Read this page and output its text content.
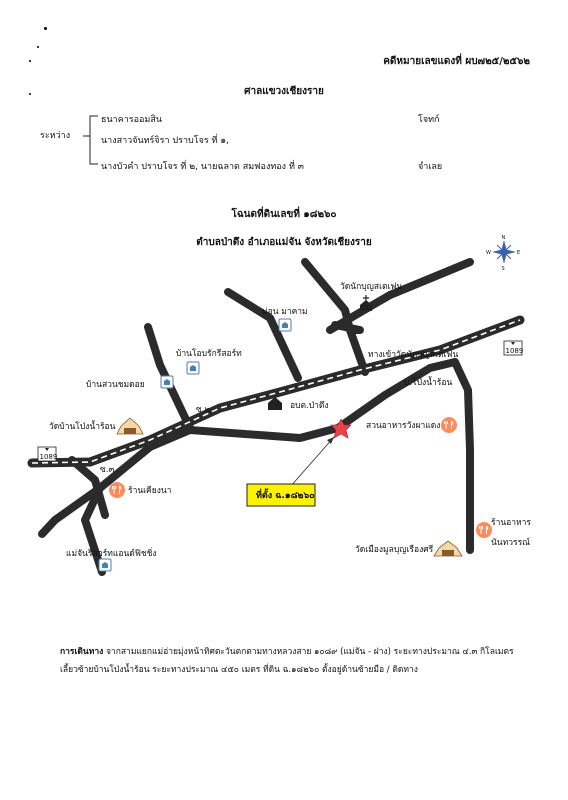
คดีหมายเลขแดงที่ ผบ๗๒๕/๒๕๖๒
ศาลแขวงเชียงราย
ระหว่าง
ธนาคารออมสิน	โจทก์
นางสาวจันทร์จิรา ปราบโจร ที่ ๑,
นางบัวคำ ปราบโจร ที่ ๒, นายฉลาด สมฟองทอง ที่ ๓	จำเลย
โฉนดที่ดินเลขที่ ๑๘๒๖๐
ตำบลป่าตึง อำเภอแม่จัน จังหวัดเชียงราย	N
S
W	E
1089
1089
วัดนักบุญสเตเฟน
ม่อน มาคาม
บ้านโอบรักรีสอร์ท
บ้านสวนชมดอย
ซ.๒
ซ.๓
อบต.ป่าตึง
ทางเข้าวัดนักบุญสเตเฟน
บ.โป่งน้ำร้อน
วัดบ้านโป่งน้ำร้อน	สวนอาหารวังผาแดง
ร้านเคียงนา
ร้านอาหาร
นันทวรรณ์
วัดเมืองมูลบุญเรืองศรี
แม่จันรีสอร์ทแอนด์ฟิชชิ่ง
ที่ตั้ง ฉ.๑๘๒๖๐
การเดินทาง จากสามแยกแม่อ่ายมุ่งหน้าทิศตะวันตกตามทางหลวงสาย ๑๐๘๙ (แม่จัน - ฝาง) ระยะทางประมาณ ๔.๓ กิโลเมตร
เลี้ยวซ้ายบ้านโป่งน้ำร้อน ระยะทางประมาณ ๔๕๐ เมตร ที่ดิน ฉ.๑๘๒๖๐ ตั้งอยู่ด้านซ้ายมือ / ติดทาง
